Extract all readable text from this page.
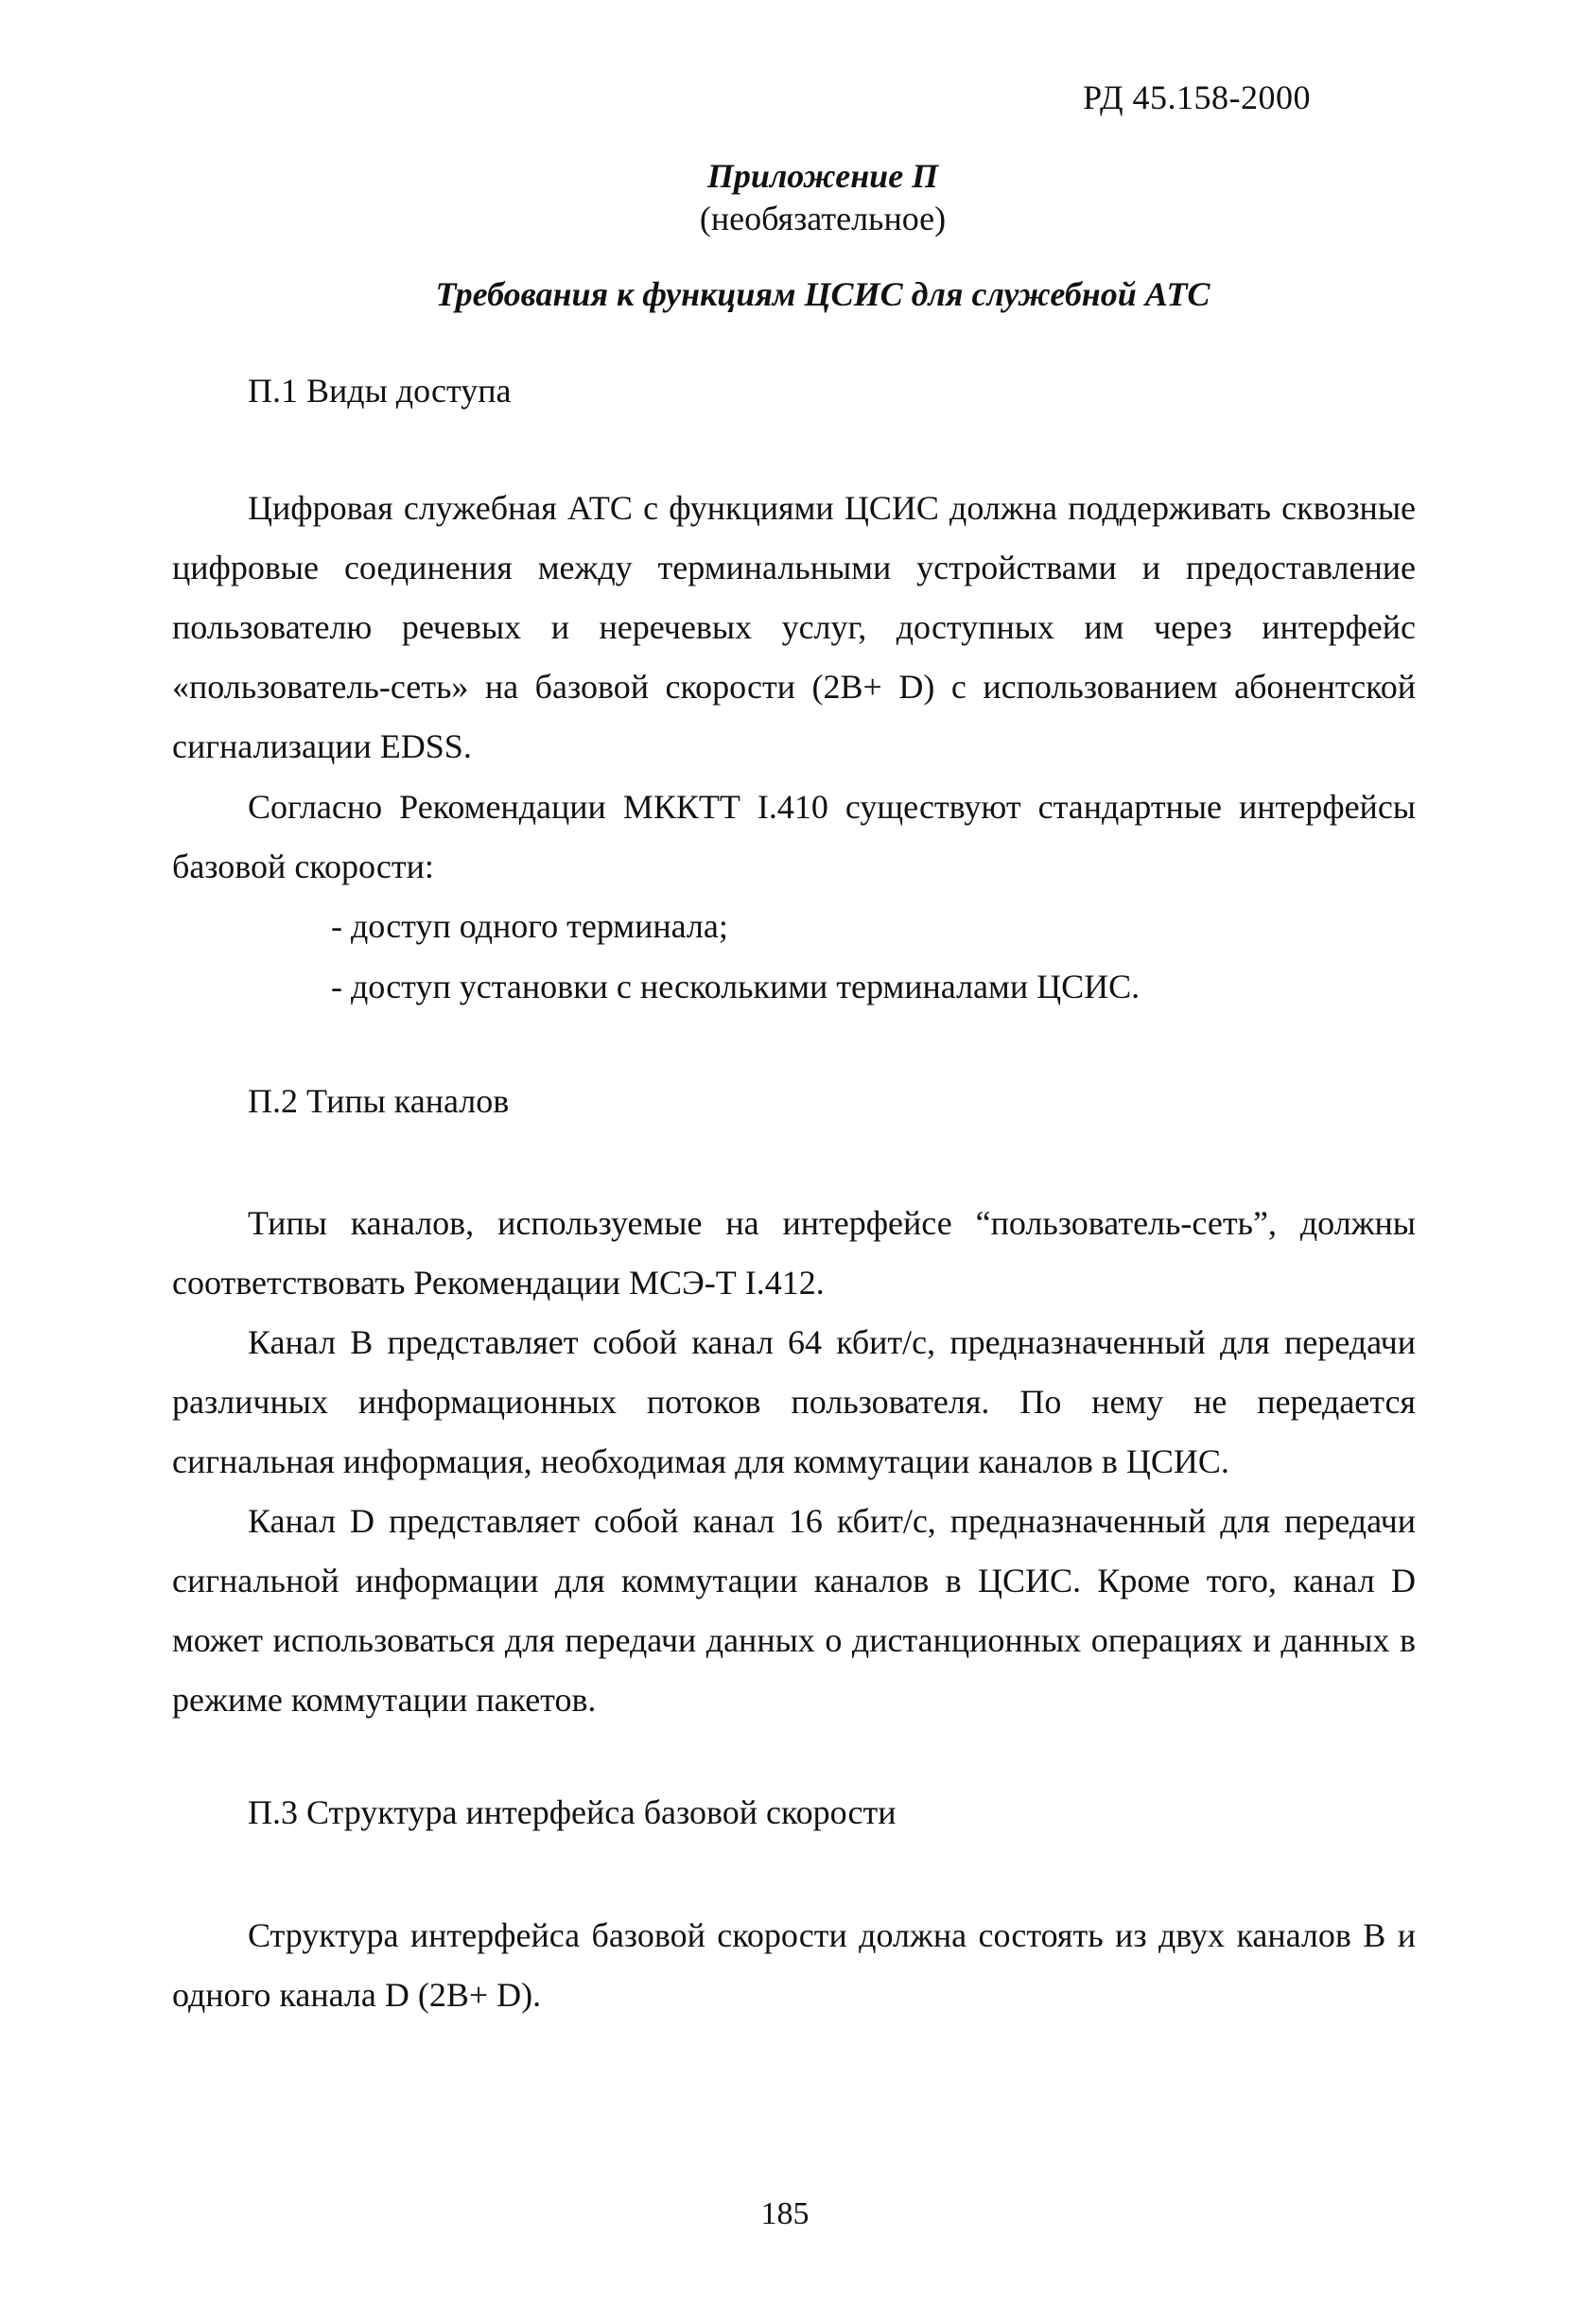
РД 45.158-2000
Приложение П
(необязательное)
Требования к функциям ЦСИС для служебной АТС
П.1 Виды доступа

Цифровая служебная АТС с функциями ЦСИС должна поддерживать сквозные цифровые соединения между терминальными устройствами и предоставление пользователю речевых и неречевых услуг, доступных им через интерфейс «пользователь-сеть» на базовой скорости (2В+ D) с использованием абонентской сигнализации EDSS.

Согласно Рекомендации МККТТ I.410 существуют стандартные интерфейсы базовой скорости:

- доступ одного терминала;

- доступ установки с несколькими терминалами ЦСИС.

П.2 Типы каналов

Типы каналов, используемые на интерфейсе “пользователь-сеть”, должны соответствовать Рекомендации МСЭ-Т I.412.

Канал В представляет собой канал 64 кбит/с, предназначенный для передачи различных информационных потоков пользователя. По нему не передается сигнальная информация, необходимая для коммутации каналов в ЦСИС.

Канал D представляет собой канал 16 кбит/с, предназначенный для передачи сигнальной информации для коммутации каналов в ЦСИС. Кроме того, канал D может использоваться для передачи данных о дистанционных операциях и данных в режиме коммутации пакетов.

П.3 Структура интерфейса базовой скорости

Структура интерфейса базовой скорости должна состоять из двух каналов В и одного канала D (2В+ D).

185
